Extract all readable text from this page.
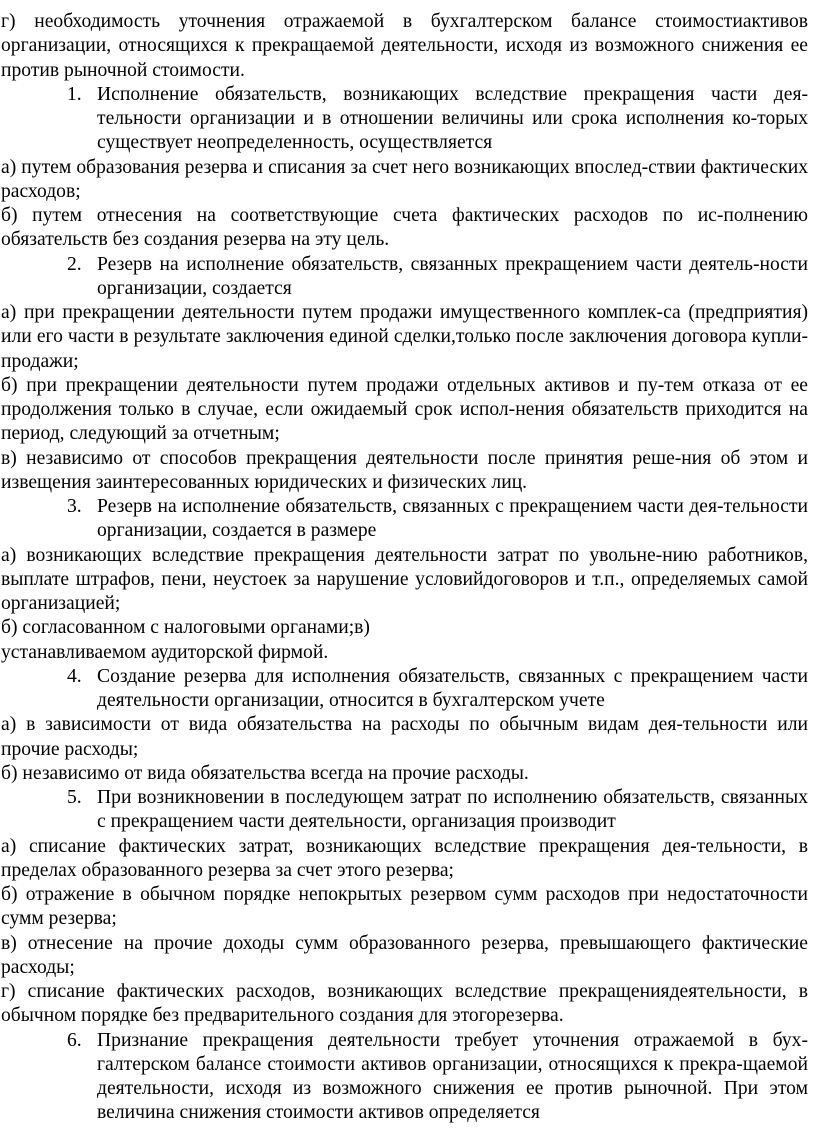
г) необходимость уточнения отражаемой в бухгалтерском балансе стоимостиактивов организации, относящихся к прекращаемой деятельности, исходя из возможного снижения ее против рыночной стоимости.

1. Исполнение обязательств, возникающих вследствие прекращения части дея-тельности организации и в отношении величины или срока исполнения ко-торых существует неопределенность, осуществляется

а) путем образования резерва и списания за счет него возникающих впослед-ствии фактических расходов;

б) путем отнесения на соответствующие счета фактических расходов по ис-полнению обязательств без создания резерва на эту цель.

2. Резерв на исполнение обязательств, связанных прекращением части деятель-ности организации, создается

а) при прекращении деятельности путем продажи имущественного комплек-са (предприятия) или его части в результате заключения единой сделки,только после заключения договора купли-продажи;

б) при прекращении деятельности путем продажи отдельных активов и пу-тем отказа от ее продолжения только в случае, если ожидаемый срок испол-нения обязательств приходится на период, следующий за отчетным;

в) независимо от способов прекращения деятельности после принятия реше-ния об этом и извещения заинтересованных юридических и физических лиц.

3. Резерв на исполнение обязательств, связанных с прекращением части дея-тельности организации, создается в размере

а) возникающих вследствие прекращения деятельности затрат по увольне-нию работников, выплате штрафов, пени, неустоек за нарушение условийдоговоров и т.п., определяемых самой организацией;

б) согласованном с налоговыми органами;в)

устанавливаемом аудиторской фирмой.

4. Создание резерва для исполнения обязательств, связанных с прекращением части деятельности организации, относится в бухгалтерском учете

а) в зависимости от вида обязательства на расходы по обычным видам дея-тельности или прочие расходы;

б) независимо от вида обязательства всегда на прочие расходы.

5. При возникновении в последующем затрат по исполнению обязательств, связанных с прекращением части деятельности, организация производит

а) списание фактических затрат, возникающих вследствие прекращения дея-тельности, в пределах образованного резерва за счет этого резерва;

б) отражение в обычном порядке непокрытых резервом сумм расходов при недостаточности сумм резерва;

в) отнесение на прочие доходы сумм образованного резерва, превышающего фактические расходы;

г) списание фактических расходов, возникающих вследствие прекращениядеятельности, в обычном порядке без предварительного создания для этогорезерва.

6. Признание прекращения деятельности требует уточнения отражаемой в бух-галтерском балансе стоимости активов организации, относящихся к прекра-щаемой деятельности, исходя из возможного снижения ее против рыночной. При этом величина снижения стоимости активов определяется
